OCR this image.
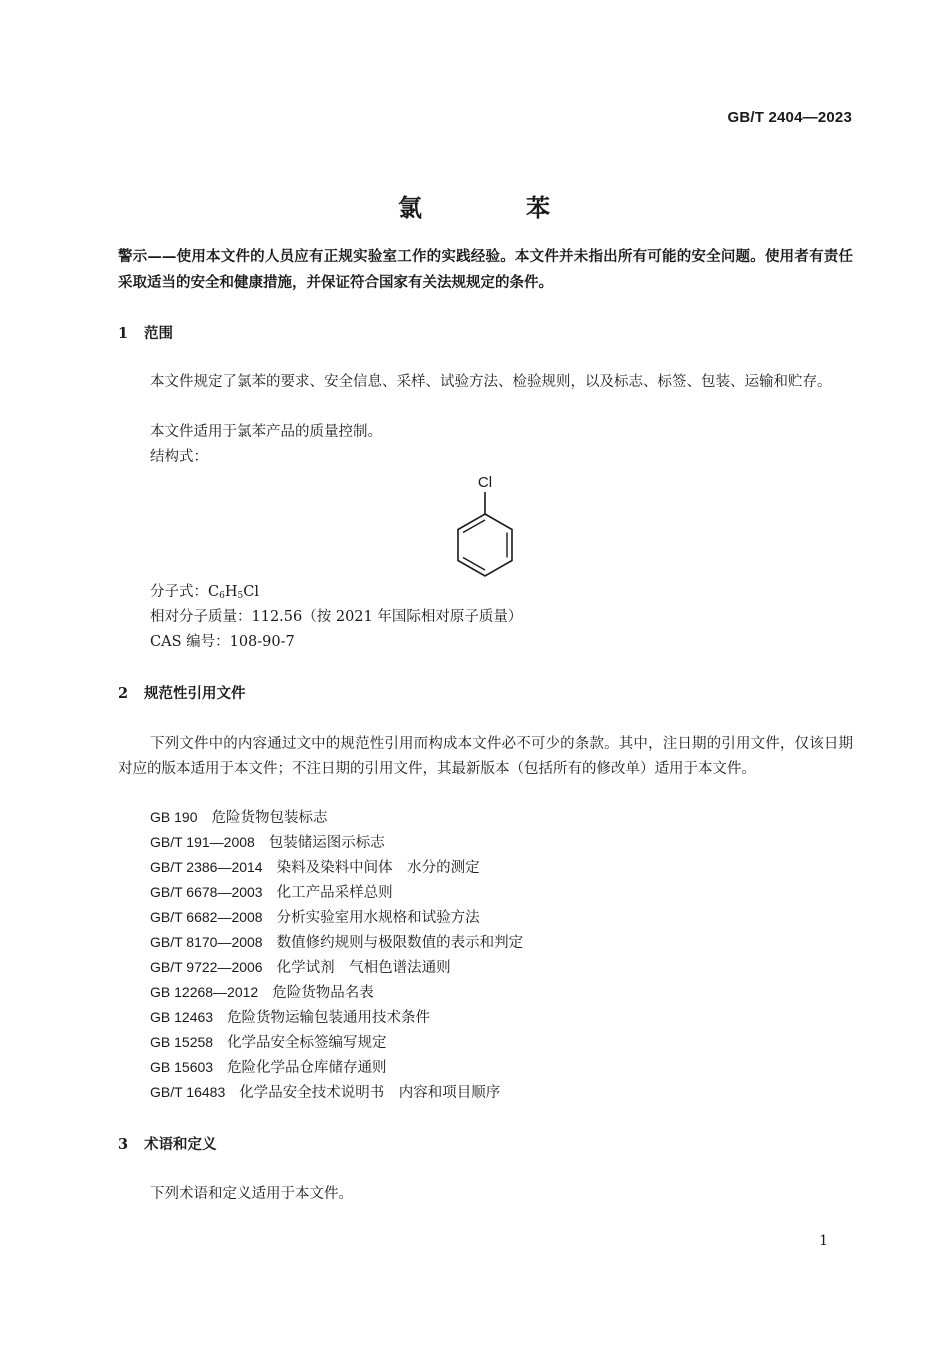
GB/T 2404—2023
氯	苯
警示——使用本文件的人员应有正规实验室工作的实践经验。本文件并未指出所有可能的安全问题。使用者有责任采取适当的安全和健康措施，并保证符合国家有关法规规定的条件。
1 范围
本文件规定了氯苯的要求、安全信息、采样、试验方法、检验规则，以及标志、标签、包装、运输和贮存。
本文件适用于氯苯产品的质量控制。
结构式：
Cl
分子式：$C_6H_5Cl$
相对分子质量：112.56（按 2021 年国际相对原子质量）
CAS 编号：108-90-7
2 规范性引用文件
下列文件中的内容通过文中的规范性引用而构成本文件必不可少的条款。其中，注日期的引用文件，仅该日期对应的版本适用于本文件；不注日期的引用文件，其最新版本（包括所有的修改单）适用于本文件。
GB 190 危险货物包装标志
GB/T 191—2008 包装储运图示标志
GB/T 2386—2014 染料及染料中间体　水分的测定
GB/T 6678—2003 化工产品采样总则
GB/T 6682—2008 分析实验室用水规格和试验方法
GB/T 8170—2008 数值修约规则与极限数值的表示和判定
GB/T 9722—2006 化学试剂　气相色谱法通则
GB 12268—2012 危险货物品名表
GB 12463 危险货物运输包装通用技术条件
GB 15258 化学品安全标签编写规定
GB 15603 危险化学品仓库储存通则
GB/T 16483 化学品安全技术说明书　内容和项目顺序
3 术语和定义
下列术语和定义适用于本文件。
1
